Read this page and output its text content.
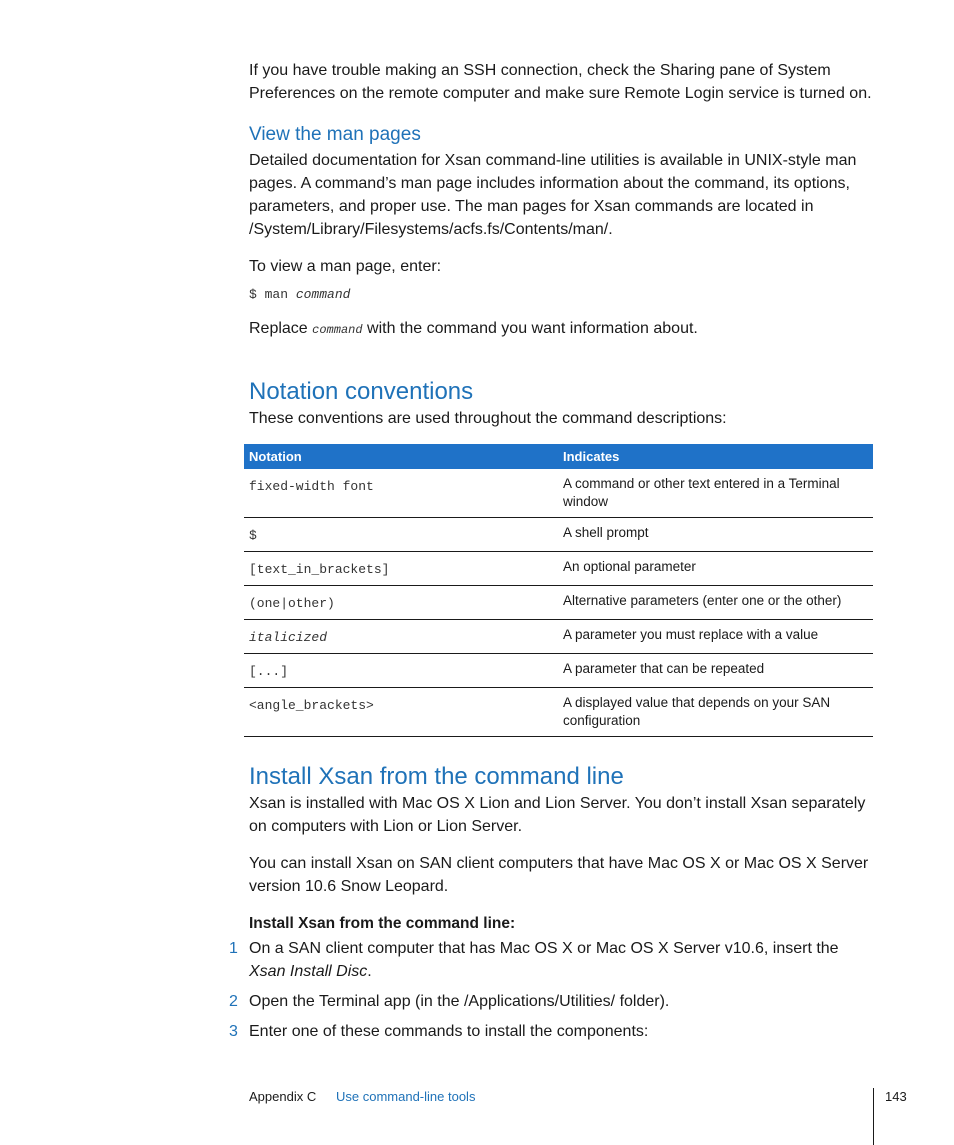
If you have trouble making an SSH connection, check the Sharing pane of System Preferences on the remote computer and make sure Remote Login service is turned on.

View the man pages

Detailed documentation for Xsan command-line utilities is available in UNIX-style man pages. A command’s man page includes information about the command, its options, parameters, and proper use. The man pages for Xsan commands are located in /System/Library/Filesystems/acfs.fs/Contents/man/.

To view a man page, enter:

$ man command

Replace command with the command you want information about.

Notation conventions

These conventions are used throughout the command descriptions:

Notation	Indicates
fixed-width font	A command or other text entered in a Terminal window
$	A shell prompt
[text_in_brackets]	An optional parameter
(one|other)	Alternative parameters (enter one or the other)
italicized	A parameter you must replace with a value
[...]	A parameter that can be repeated
<angle_brackets>	A displayed value that depends on your SAN configuration
Install Xsan from the command line

Xsan is installed with Mac OS X Lion and Lion Server. You don’t install Xsan separately on computers with Lion or Lion Server.

You can install Xsan on SAN client computers that have Mac OS X or Mac OS X Server version 10.6 Snow Leopard.

Install Xsan from the command line:

1 On a SAN client computer that has Mac OS X or Mac OS X Server v10.6, insert the Xsan Install Disc.

2 Open the Terminal app (in the /Applications/Utilities/ folder).

3 Enter one of these commands to install the components:

Appendix C Use command-line tools	143
